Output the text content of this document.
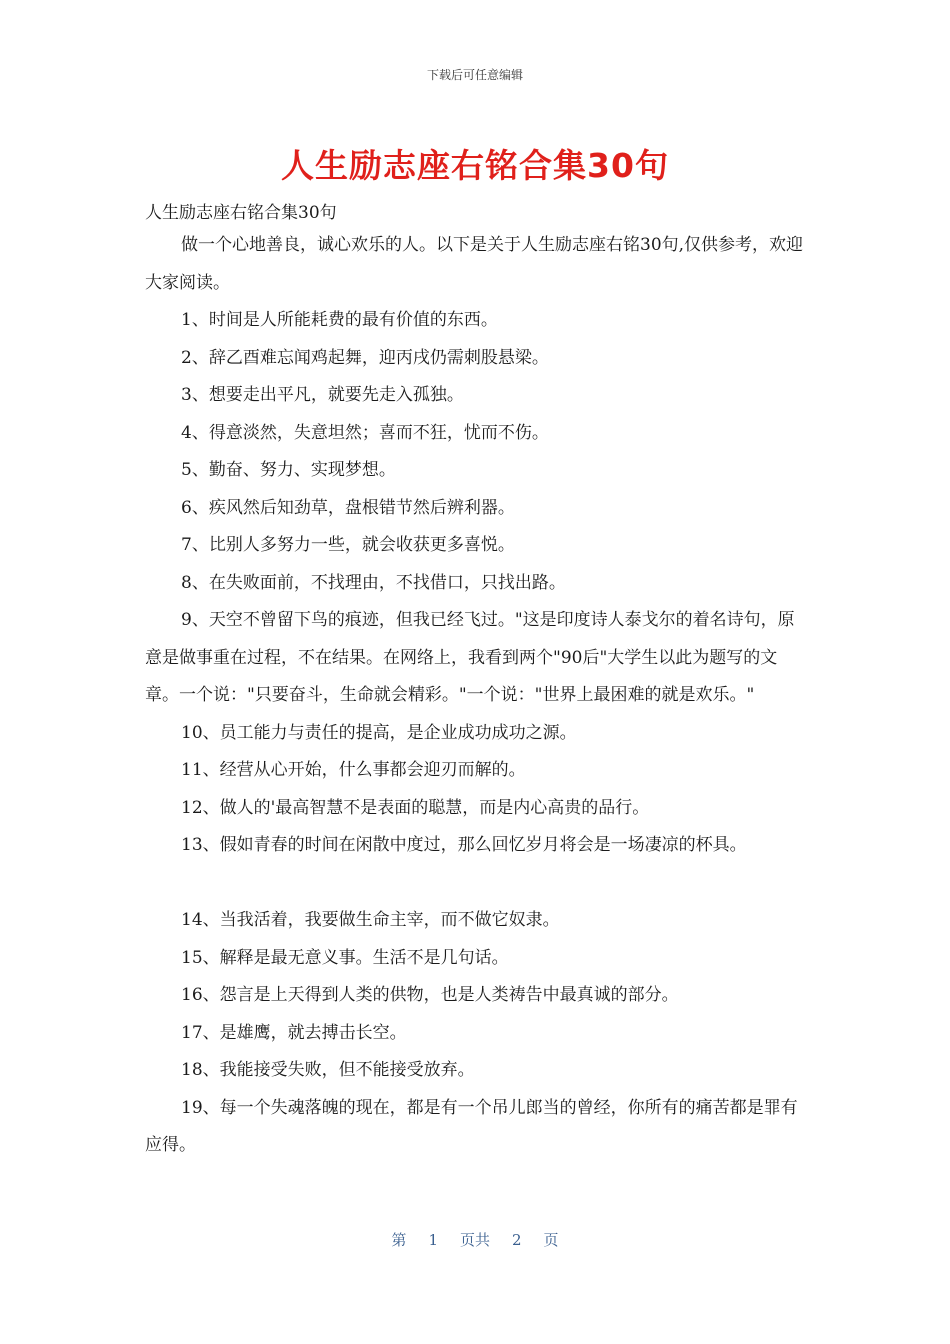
下载后可任意编辑
人生励志座右铭合集30句
人生励志座右铭合集30句

做一个心地善良，诚心欢乐的人。以下是关于人生励志座右铭30句,仅供参考，欢迎大家阅读。

1、时间是人所能耗费的最有价值的东西。

2、辞乙酉难忘闻鸡起舞，迎丙戌仍需刺股悬梁。

3、想要走出平凡，就要先走入孤独。

4、得意淡然，失意坦然；喜而不狂，忧而不伤。

5、勤奋、努力、实现梦想。

6、疾风然后知劲草，盘根错节然后辨利器。

7、比别人多努力一些，就会收获更多喜悦。

8、在失败面前，不找理由，不找借口，只找出路。

9、天空不曾留下鸟的痕迹，但我已经飞过。"这是印度诗人泰戈尔的着名诗句，原意是做事重在过程，不在结果。在网络上，我看到两个"90后"大学生以此为题写的文章。一个说："只要奋斗，生命就会精彩。"一个说："世界上最困难的就是欢乐。"

10、员工能力与责任的提高，是企业成功成功之源。

11、经营从心开始，什么事都会迎刃而解的。

12、做人的'最高智慧不是表面的聪慧，而是内心高贵的品行。

13、假如青春的时间在闲散中度过，那么回忆岁月将会是一场凄凉的杯具。

14、当我活着，我要做生命主宰，而不做它奴隶。

15、解释是最无意义事。生活不是几句话。

16、怨言是上天得到人类的供物，也是人类祷告中最真诚的部分。

17、是雄鹰，就去搏击长空。

18、我能接受失败，但不能接受放弃。

19、每一个失魂落魄的现在，都是有一个吊儿郎当的曾经，你所有的痛苦都是罪有应得。

第 1 页共 2 页
